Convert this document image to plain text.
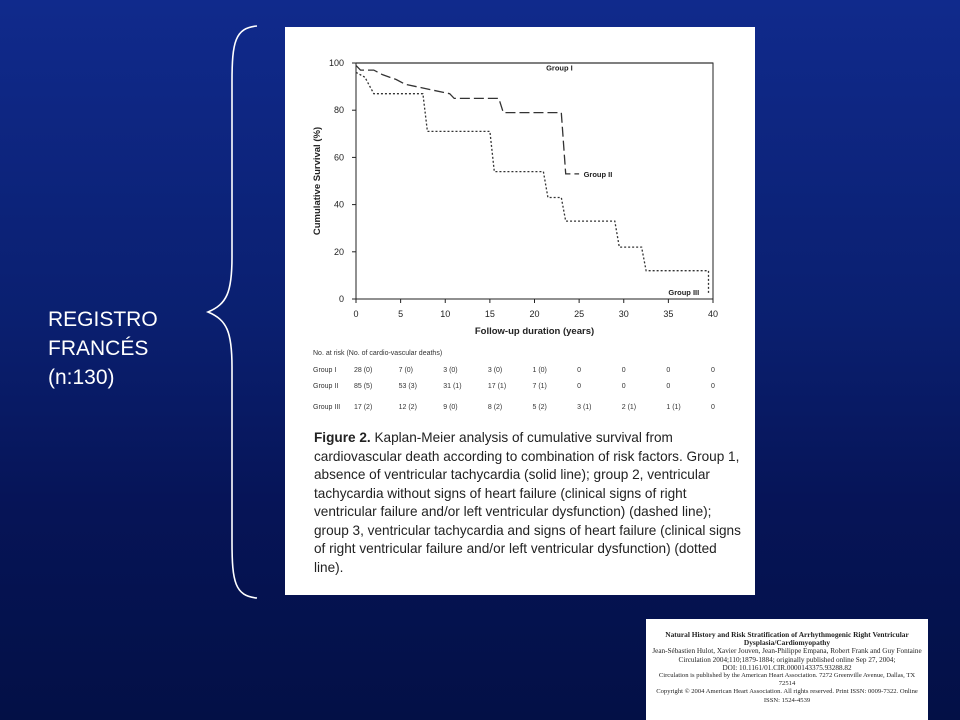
REGISTRO
FRANCÉS
(n:130)
0
20
40
60
80
100
0	5	10	15	20	25	30	35	40
Follow-up duration (years)
Cumulative Survival (%)
Group I
Group II
Group III
No. at risk (No. of cardio-vascular deaths)
Group I	28 (0)	7 (0)	3 (0)	3 (0)	1 (0)	0	0	0	0
Group II 85 (5)	53 (3)	31 (1)	17 (1)	7 (1)	0	0	0	0
Group III 17 (2)	12 (2)	9 (0)	8 (2)	5 (2)	3 (1)	2 (1)	1 (1)	0
Figure 2. Kaplan-Meier analysis of cumulative survival from cardiovascular death according to combination of risk factors. Group 1, absence of ventricular tachycardia (solid line); group 2, ventricular tachycardia without signs of heart failure (clinical signs of right ventricular failure and/or left ventricular dysfunction) (dashed line); group 3, ventricular tachycardia and signs of heart failure (clinical signs of right ventricular failure and/or left ventricular dysfunction) (dotted line).
Natural History and Risk Stratification of Arrhythmogenic Right Ventricular Dysplasia/Cardiomyopathy
Jean-Sébastien Hulot, Xavier Jouven, Jean-Philippe Empana, Robert Frank and Guy Fontaine
Circulation 2004;110;1879-1884; originally published online Sep 27, 2004;
DOI: 10.1161/01.CIR.0000143375.93288.82
Circulation is published by the American Heart Association. 7272 Greenville Avenue, Dallas, TX 72514
Copyright © 2004 American Heart Association. All rights reserved. Print ISSN: 0009-7322. Online ISSN: 1524-4539
